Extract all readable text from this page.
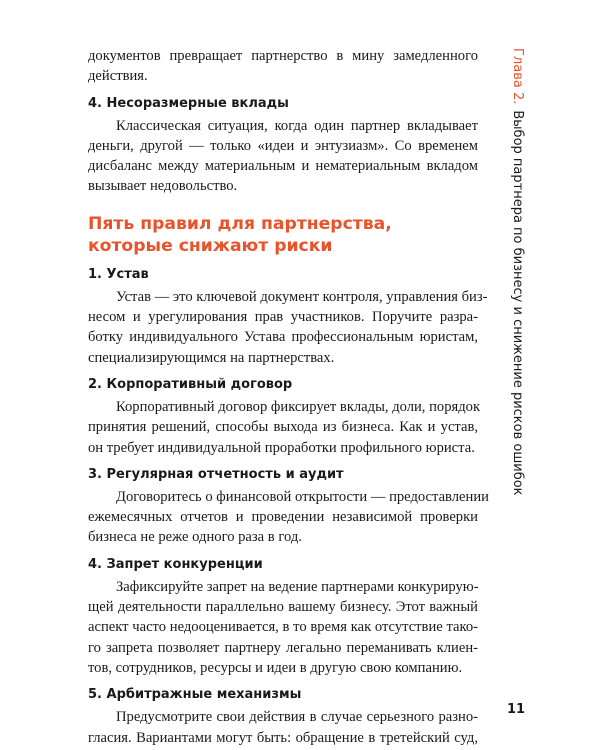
документов превращает партнерство в мину замедленного
действия.

4. Несоразмерные вклады

Классическая ситуация, когда один партнер вкладывает
деньги, другой — только «идеи и энтузиазм». Со временем
дисбаланс между материальным и нематериальным вкладом
вызывает недовольство.

Пять правил для партнерства,
которые снижают риски
1. Устав

Устав — это ключевой документ контроля, управления биз-
несом и урегулирования прав участников. Поручите разра-
ботку индивидуального Устава профессиональным юристам,
специализирующимся на партнерствах.

2. Корпоративный договор

Корпоративный договор фиксирует вклады, доли, порядок
принятия решений, способы выхода из бизнеса. Как и устав,
он требует индивидуальной проработки профильного юриста.

3. Регулярная отчетность и аудит

Договоритесь о финансовой открытости — предоставлении
ежемесячных отчетов и проведении независимой проверки
бизнеса не реже одного раза в год.

4. Запрет конкуренции

Зафиксируйте запрет на ведение партнерами конкурирую-
щей деятельности параллельно вашему бизнесу. Этот важный
аспект часто недооценивается, в то время как отсутствие тако-
го запрета позволяет партнеру легально переманивать клиен-
тов, сотрудников, ресурсы и идеи в другую свою компанию.

5. Арбитражные механизмы

Предусмотрите свои действия в случае серьезного разно-
гласия. Вариантами могут быть: обращение в третейский суд,

Глава 2.Выбор партнера по бизнесу и снижение рисков ошибок
11
